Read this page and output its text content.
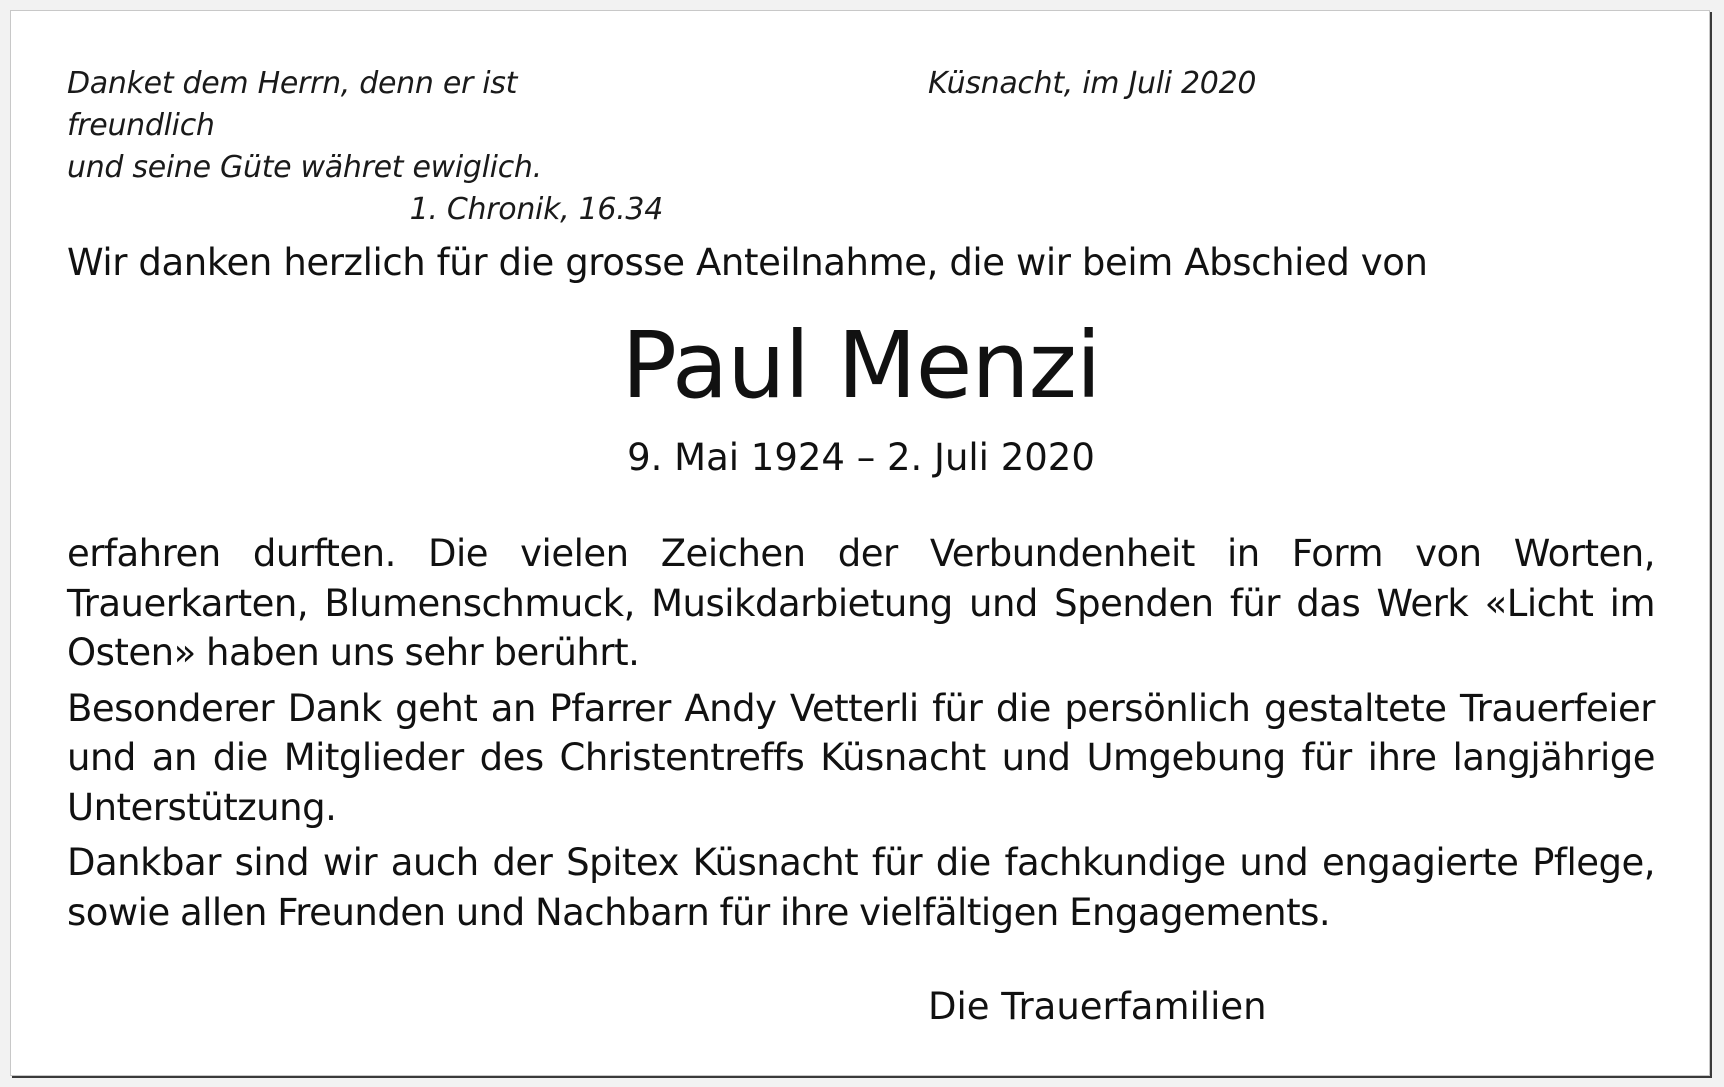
Danket dem Herrn, denn er ist freundlich
und seine Güte währet ewiglich.

1. Chronik, 16.34
Küsnacht, im Juli 2020
Wir danken herzlich für die grosse Anteilnahme, die wir beim Abschied von
Paul Menzi
9. Mai 1924 – 2. Juli 2020

erfahren durften. Die vielen Zeichen der Verbundenheit in Form von Worten, Trauerkarten, Blumenschmuck, Musikdarbietung und Spenden für das Werk «Licht im Osten» haben uns sehr berührt.

Besonderer Dank geht an Pfarrer Andy Vetterli für die persönlich gestaltete Trauerfeier und an die Mitglieder des Christentreffs Küsnacht und Umgebung für ihre langjährige Unterstützung.

Dankbar sind wir auch der Spitex Küsnacht für die fachkundige und engagierte Pflege, sowie allen Freunden und Nachbarn für ihre vielfältigen Engagements.

Die Trauerfamilien
